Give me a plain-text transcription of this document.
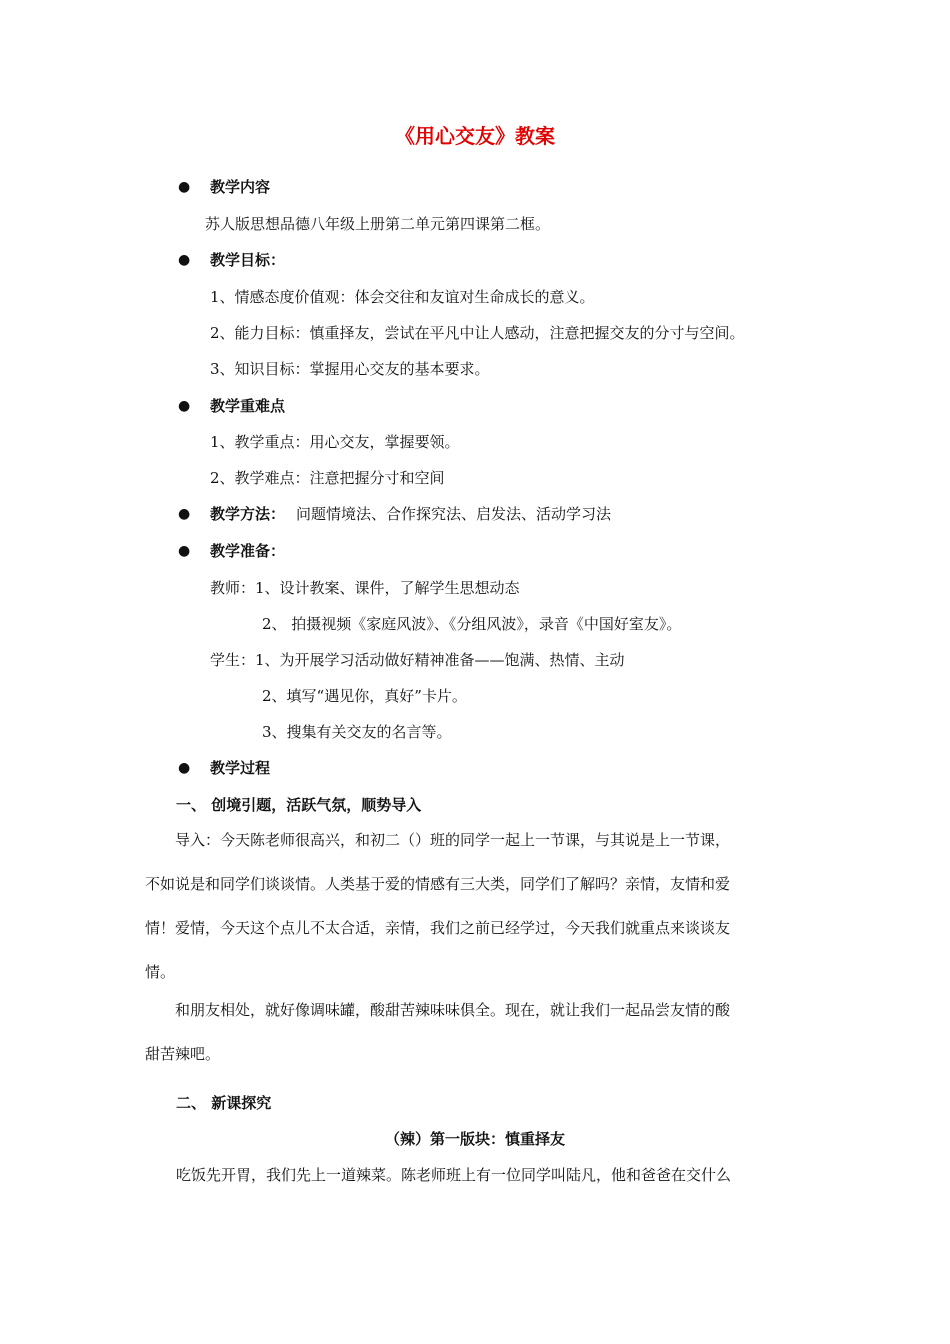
《用心交友》教案
● 教学内容
苏人版思想品德八年级上册第二单元第四课第二框。
● 教学目标：
1、情感态度价值观：体会交往和友谊对生命成长的意义。
2、能力目标：慎重择友，尝试在平凡中让人感动，注意把握交友的分寸与空间。
3、知识目标：掌握用心交友的基本要求。
● 教学重难点
1、教学重点：用心交友，掌握要领。
2、教学难点：注意把握分寸和空间
● 教学方法： 问题情境法、合作探究法、启发法、活动学习法
● 教学准备：
教师：1、设计教案、课件，了解学生思想动态
2、 拍摄视频《家庭风波》、《分组风波》，录音《中国好室友》。
学生：1、为开展学习活动做好精神准备——饱满、热情、主动
2、填写“遇见你，真好”卡片。
3、搜集有关交友的名言等。
● 教学过程
一、 创境引题，活跃气氛，顺势导入
导入：今天陈老师很高兴，和初二（）班的同学一起上一节课，与其说是上一节课，
不如说是和同学们谈谈情。人类基于爱的情感有三大类，同学们了解吗？亲情，友情和爱
情！爱情，今天这个点儿不太合适，亲情，我们之前已经学过，今天我们就重点来谈谈友
情。
和朋友相处，就好像调味罐，酸甜苦辣味味俱全。现在，就让我们一起品尝友情的酸
甜苦辣吧。
二、 新课探究
（辣）第一版块：慎重择友
吃饭先开胃，我们先上一道辣菜。陈老师班上有一位同学叫陆凡，他和爸爸在交什么
